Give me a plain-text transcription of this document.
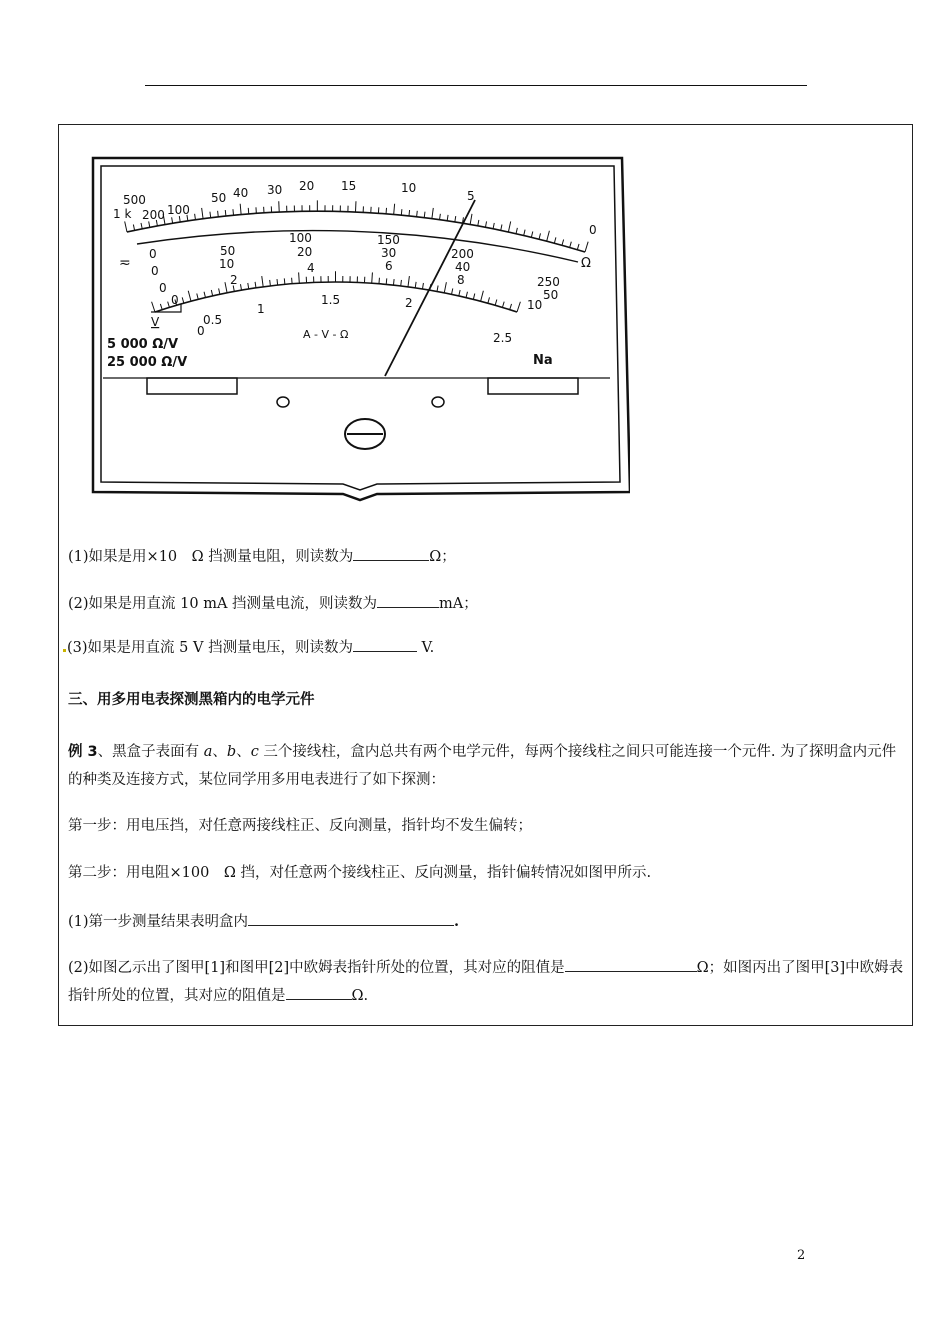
500
1 k 200 100
50 40 30 20 15	10
5
0
Ω
≂
0	50
100	150
200
250
0	10
20	30
40
50
0
2
4	6
8
10
0
0.5
1
1.5	2
2.5
0
V
A - V - Ω
5 000 Ω/V
25 000 Ω/V	Na
(1)如果是用×10　Ω 挡测量电阻，则读数为	Ω；
(2)如果是用直流 10 mA 挡测量电流，则读数为	mA；
(3)如果是用直流 5 V 挡测量电压，则读数为	V.
三、用多用电表探测黑箱内的电学元件
例 3、黑盒子表面有 a、b、c 三个接线柱，盒内总共有两个电学元件，每两个接线柱之间只可能连接一个元件. 为了探明盒内元件的种类及连接方式，某位同学用多用电表进行了如下探测：
第一步：用电压挡，对任意两接线柱正、反向测量，指针均不发生偏转；
第二步：用电阻×100　Ω 挡，对任意两个接线柱正、反向测量，指针偏转情况如图甲所示.
(1)第一步测量结果表明盒内	.
(2)如图乙示出了图甲[1]和图甲[2]中欧姆表指针所处的位置，其对应的阻值是	Ω；如图丙出了图甲[3]中欧姆表指针所处的位置，其对应的阻值是	Ω.
2
